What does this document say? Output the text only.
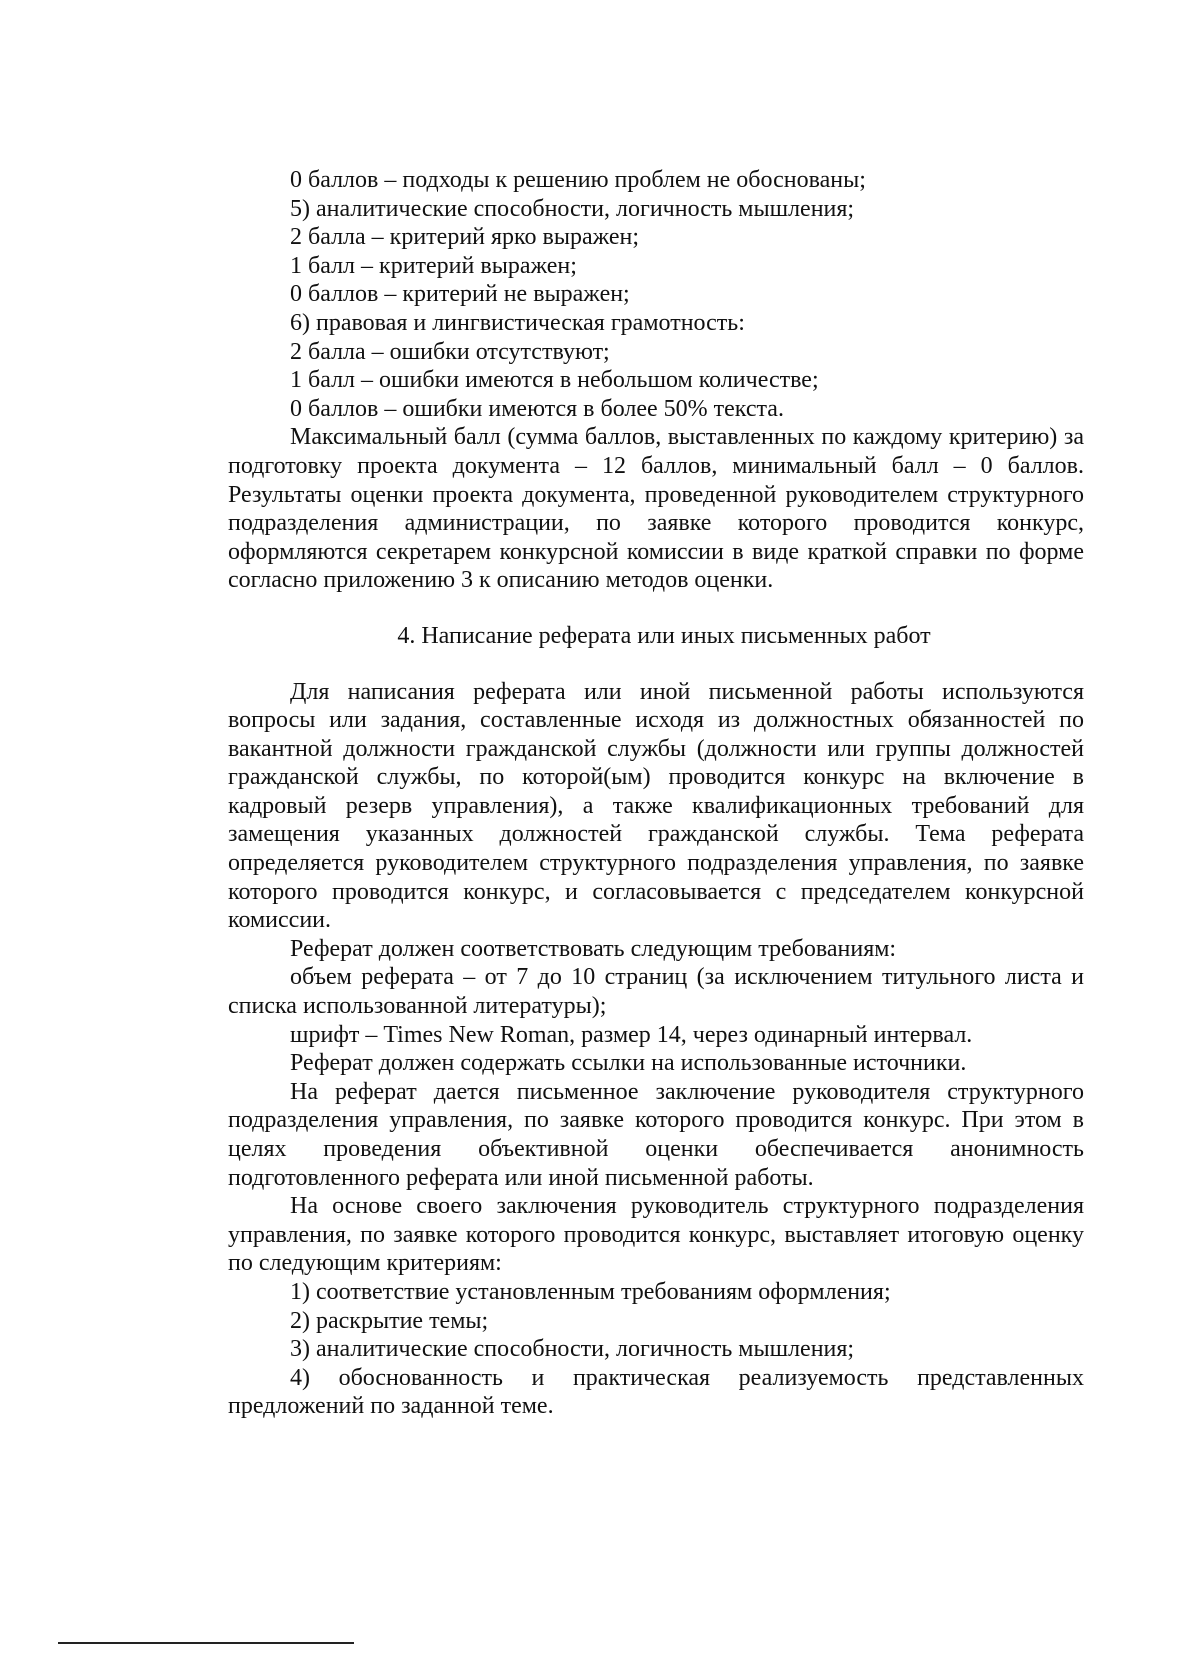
0 баллов – подходы к решению проблем не обоснованы;

5) аналитические способности, логичность мышления;

2 балла – критерий ярко выражен;

1 балл – критерий выражен;

0 баллов – критерий не выражен;

6) правовая и лингвистическая грамотность:

2 балла – ошибки отсутствуют;

1 балл – ошибки имеются в небольшом количестве;

0 баллов – ошибки имеются в более 50% текста.

Максимальный балл (сумма баллов, выставленных по каждому критерию) за подготовку проекта документа – 12 баллов, минимальный балл – 0 баллов. Результаты оценки проекта документа, проведенной руководителем структурного подразделения администрации, по заявке которого проводится конкурс, оформляются секретарем конкурсной комиссии в виде краткой справки по форме согласно приложению 3 к описанию методов оценки.

4. Написание реферата или иных письменных работ

Для написания реферата или иной письменной работы используются вопросы или задания, составленные исходя из должностных обязанностей по вакантной должности гражданской службы (должности или группы должностей гражданской службы, по которой(ым) проводится конкурс на включение в кадровый резерв управления), а также квалификационных требований для замещения указанных должностей гражданской службы. Тема реферата определяется руководителем структурного подразделения управления, по заявке которого проводится конкурс, и согласовывается с председателем конкурсной комиссии.

Реферат должен соответствовать следующим требованиям:

объем реферата – от 7 до 10 страниц (за исключением титульного листа и списка использованной литературы);

шрифт – Times New Roman, размер 14, через одинарный интервал.

Реферат должен содержать ссылки на использованные источники.

На реферат дается письменное заключение руководителя структурного подразделения управления, по заявке которого проводится конкурс. При этом в целях проведения объективной оценки обеспечивается анонимность подготовленного реферата или иной письменной работы.

На основе своего заключения руководитель структурного подразделения управления, по заявке которого проводится конкурс, выставляет итоговую оценку по следующим критериям:

1) соответствие установленным требованиям оформления;

2) раскрытие темы;

3) аналитические способности, логичность мышления;

4) обоснованность и практическая реализуемость представленных предложений по заданной теме.
